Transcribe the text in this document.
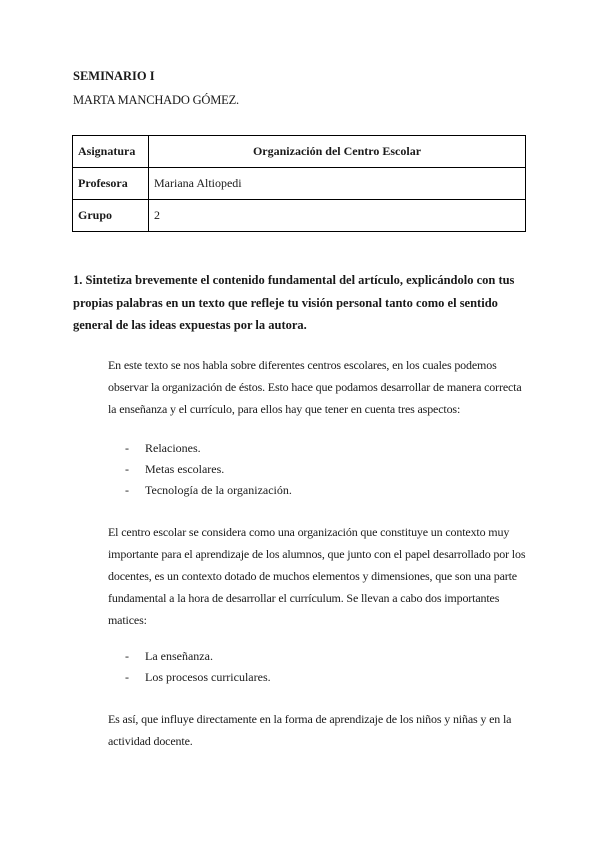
SEMINARIO I
MARTA MANCHADO GÓMEZ.
Asignatura	Organización del Centro Escolar
Profesora	Mariana Altiopedi
Grupo	2
1. Sintetiza brevemente el contenido fundamental del artículo, explicándolo con tus propias palabras en un texto que refleje tu visión personal tanto como el sentido general de las ideas expuestas por la autora.
En este texto se nos habla sobre diferentes centros escolares, en los cuales podemos observar la organización de éstos. Esto hace que podamos desarrollar de manera correcta la enseñanza y el currículo, para ellos hay que tener en cuenta tres aspectos:
- Relaciones.
- Metas escolares.
- Tecnología de la organización.
El centro escolar se considera como una organización que constituye un contexto muy importante para el aprendizaje de los alumnos, que junto con el papel desarrollado por los docentes, es un contexto dotado de muchos elementos y dimensiones, que son una parte fundamental a la hora de desarrollar el currículum. Se llevan a cabo dos importantes matices:
- La enseñanza.
- Los procesos curriculares.
Es así, que influye directamente en la forma de aprendizaje de los niños y niñas y en la actividad docente.
